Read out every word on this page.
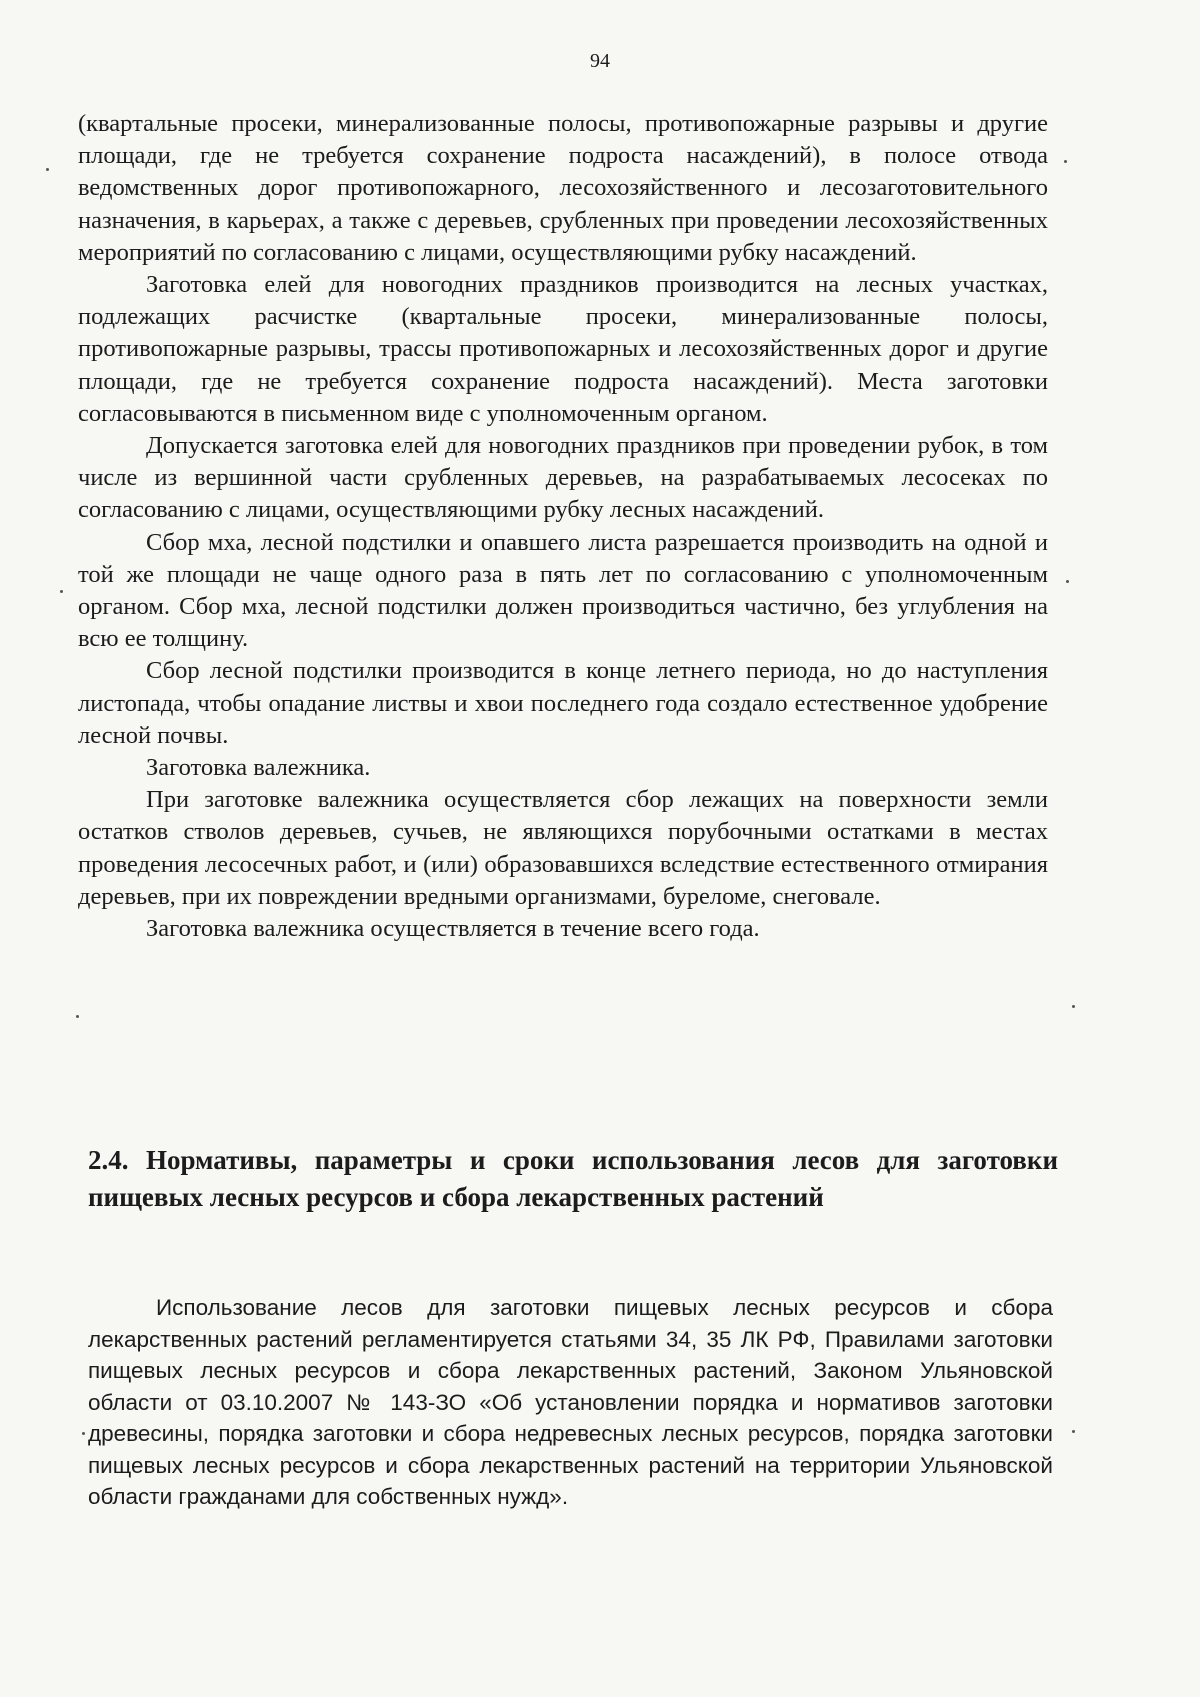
94

(квартальные просеки, минерализованные полосы, противопожарные разрывы и другие площади, где не требуется сохранение подроста насаждений), в полосе отвода ведомственных дорог противопожарного, лесохозяйственного и лесозаготовительного назначения, в карьерах, а также с деревьев, срубленных при проведении лесохозяйственных мероприятий по согласованию с лицами, осуществляющими рубку насаждений.

Заготовка елей для новогодних праздников производится на лесных участках, подлежащих расчистке (квартальные просеки, минерализованные полосы, противопожарные разрывы, трассы противопожарных и лесохозяйственных дорог и другие площади, где не требуется сохранение подроста насаждений). Места заготовки согласовываются в письменном виде с уполномоченным органом.

Допускается заготовка елей для новогодних праздников при проведении рубок, в том числе из вершинной части срубленных деревьев, на разрабатываемых лесосеках по согласованию с лицами, осуществляющими рубку лесных насаждений.

Сбор мха, лесной подстилки и опавшего листа разрешается производить на одной и той же площади не чаще одного раза в пять лет по согласованию с уполномоченным органом. Сбор мха, лесной подстилки должен производиться частично, без углубления на всю ее толщину.

Сбор лесной подстилки производится в конце летнего периода, но до наступления листопада, чтобы опадание листвы и хвои последнего года создало естественное удобрение лесной почвы.

Заготовка валежника.

При заготовке валежника осуществляется сбор лежащих на поверхности земли остатков стволов деревьев, сучьев, не являющихся порубочными остатками в местах проведения лесосечных работ, и (или) образовавшихся вследствие естественного отмирания деревьев, при их повреждении вредными организмами, буреломе, снеговале.

Заготовка валежника осуществляется в течение всего года.

2.4. Нормативы, параметры и сроки использования лесов для заготовки пищевых лесных ресурсов и сбора лекарственных растений

Использование лесов для заготовки пищевых лесных ресурсов и сбора лекарственных растений регламентируется статьями 34, 35 ЛК РФ, Правилами заготовки пищевых лесных ресурсов и сбора лекарственных растений, Законом Ульяновской области от 03.10.2007 № 143-ЗО «Об установлении порядка и нормативов заготовки древесины, порядка заготовки и сбора недревесных лесных ресурсов, порядка заготовки пищевых лесных ресурсов и сбора лекарственных растений на территории Ульяновской области гражданами для собственных нужд».
